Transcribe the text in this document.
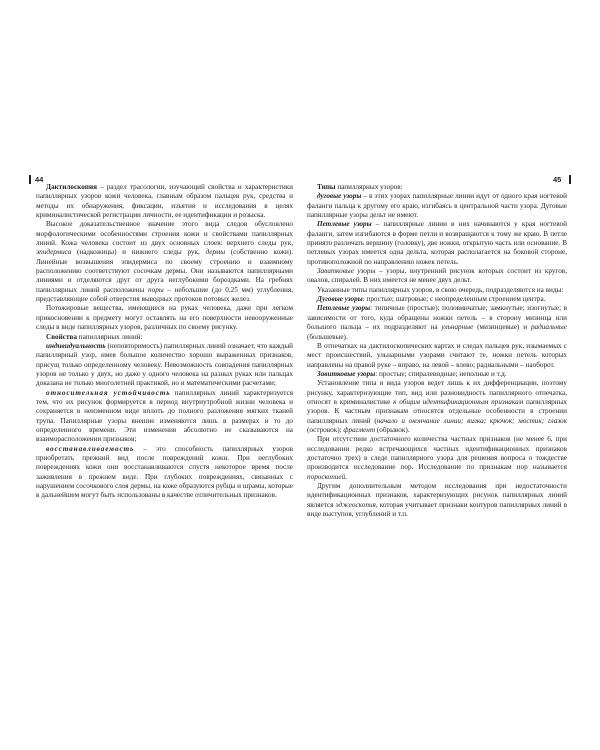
44	45

Дактилоскопия – раздел трасологии, изучающий свойства и характеристики папиллярных узоров кожи человека, главным образом пальцев рук, средства и методы их обнаружения, фиксации, изъятия и исследования в целях криминалистической регистрации личности, ее идентификации и розыска.

Высокое доказательственное значение этого вида следов обусловлено морфологическими особенностями строения кожи и свойствами папиллярных линий. Кожа человека состоит из двух основных слоев: верхнего следы рук, эпидермиса (надкожицы) и нижнего следы рук, дермы (собственно кожи). Линейные возвышения эпидермиса по своему строению и взаимному расположению соответствуют сосочкам дермы. Они называются папиллярными линиями и отделяются друг от друга неглубокими бороздками. На гребнях папиллярных линий расположены поры – небольшие (до 0,25 мм) углубления, представляющие собой отверстия выводных протоков потовых желез.

Потожировые вещества, имеющиеся на руках человека, даже при легком прикосновении к предмету могут оставлять на его поверхности невооруженные следы в виде папиллярных узоров, различных по своему рисунку.

Свойства папиллярных линий:

индивидуальность (неповторимость) папиллярных линий означает, что каждый папиллярный узор, имея большое количество хорошо выраженных признаков, присущ только определенному человеку. Невозможность совпадения папиллярных узоров не только у двух, но даже у одного человека на разных руках или пальцах доказана не только многолетней практикой, но и математическими расчетами;

относительная устойчивость папиллярных линий характеризуется тем, что их рисунок формируется в период внутриутробной жизни человека и сохраняется в неизменном виде вплоть до полного разложения мягких тканей трупа. Папиллярные узоры внешне изменяются лишь в размерах и то до определенного времени. Эти изменения абсолютно не сказываются на взаиморасположении признаков;

восстанавливаемость – это способность папиллярных узоров приобретать прежний вид после повреждений кожи. При неглубоких повреждениях кожи они восстанавливаются спустя некоторое время после заживления в прежнем виде. При глубоких повреждениях, связанных с нарушением сосочкового слоя дермы, на коже образуются рубцы и шрамы, которые в дальнейшем могут быть использованы в качестве отличительных признаков.

Типы папиллярных узоров:

дуговые узоры – в этих узорах папиллярные линии идут от одного края ногтевой фаланги пальца к другому его краю, изгибаясь в центральной части узора. Дуговые папиллярные узоры дельт не имеют.

Петлевые узоры – папиллярные линии в них начинаются у края ногтевой фаланги, затем изгибаются в форме петли и возвращаются к тому же краю. В петле принято различать вершину (головку), две ножки, открытую часть или основание. В петлевых узорах имеется одна дельта, которая располагается на боковой стороне, противоположной по направлению ножек петель.

Завитковые узоры – узоры, внутренний рисунок которых состоит из кругов, овалов, спиралей. В них имеется не менее двух дельт.

Указанные типы папиллярных узоров, в свою очередь, подразделяются на виды:

Дуговые узоры: простые; шатровые; с неопределенным строением центра.

Петлевые узоры: типичные (простые); половинчатые; замкнутые; изогнутые; в зависимости от того, куда обращены ножки петель – в сторону мизинца или большого пальца – их подразделяют на ульнарные (мизинцевые) и радиальные (большевые).

В отпечатках на дактилоскопических картах и следах пальцев рук, изымаемых с мест происшествий, ульнарными узорами считают те, ножки петель которых направлены на правой руке – вправо, на левой – влево; радиальными – наоборот.

Завитковые узоры: простые; спиралевидные; неполные и т.д.

Установление типа и вида узоров ведет лишь к их дифференциации, поэтому рисунку, характеризующие тип, вид или разновидность папиллярного отпечатка, относят в криминалистике к общим идентификационным признакам папиллярных узоров. К частным признакам относятся отдельные особенности в строении папиллярных линий (начало и окончание линии; вилка; крючок; мостик; глазок (островок); фрагмент (обрывок).

При отсутствии достаточного количества частных признаков (не менее 6, при исследовании редко встречающихся частных идентификационных признаков достаточно трех) в следе папиллярного узора для решения вопроса о тождестве производится исследование пор. Исследование по признакам пор называется пороскопией.

Другим дополнительным методом исследования при недостаточности идентификационных признаков, характеризующих рисунок папиллярных линий является эджеоскопия, которая учитывает признаки контуров папиллярных линий в виде выступов, углублений и т.п.
